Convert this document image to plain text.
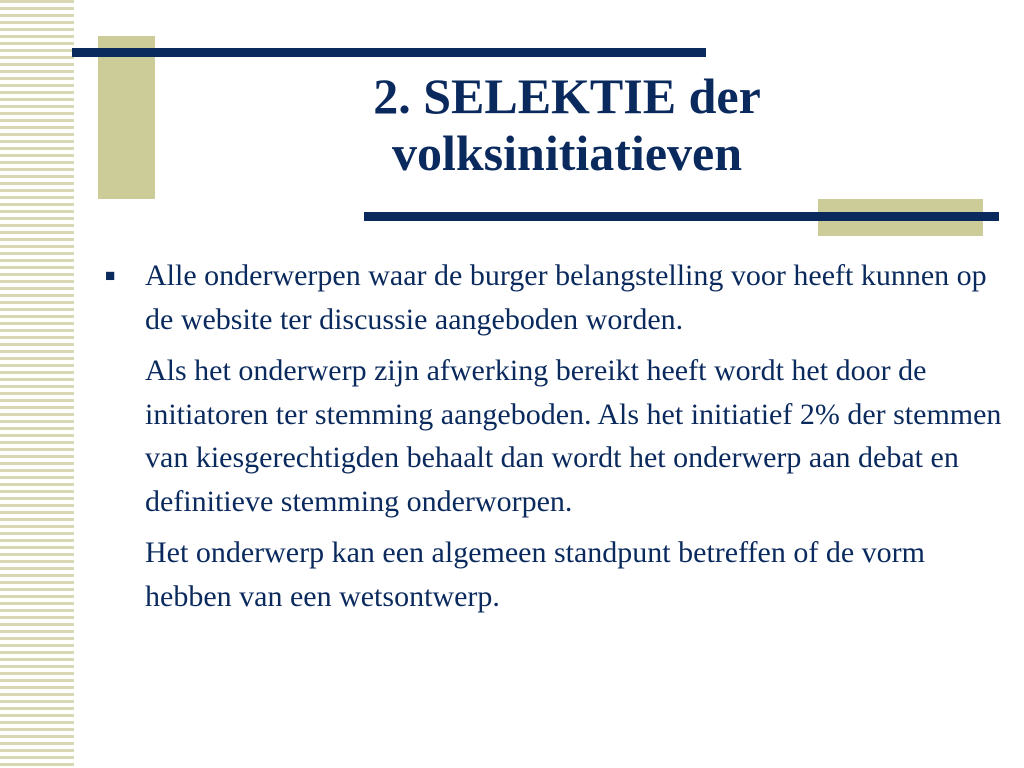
2. SELEKTIE der volksinitiatieven
■ Alle onderwerpen waar de burger belangstelling voor heeft kunnen op de website ter discussie aangeboden worden.

Als het onderwerp zijn afwerking bereikt heeft wordt het door de initiatoren ter stemming aangeboden. Als het initiatief 2% der stemmen van kiesgerechtigden behaalt dan wordt het onderwerp aan debat en definitieve stemming onderworpen.

Het onderwerp kan een algemeen standpunt betreffen of de vorm hebben van een wetsontwerp.
